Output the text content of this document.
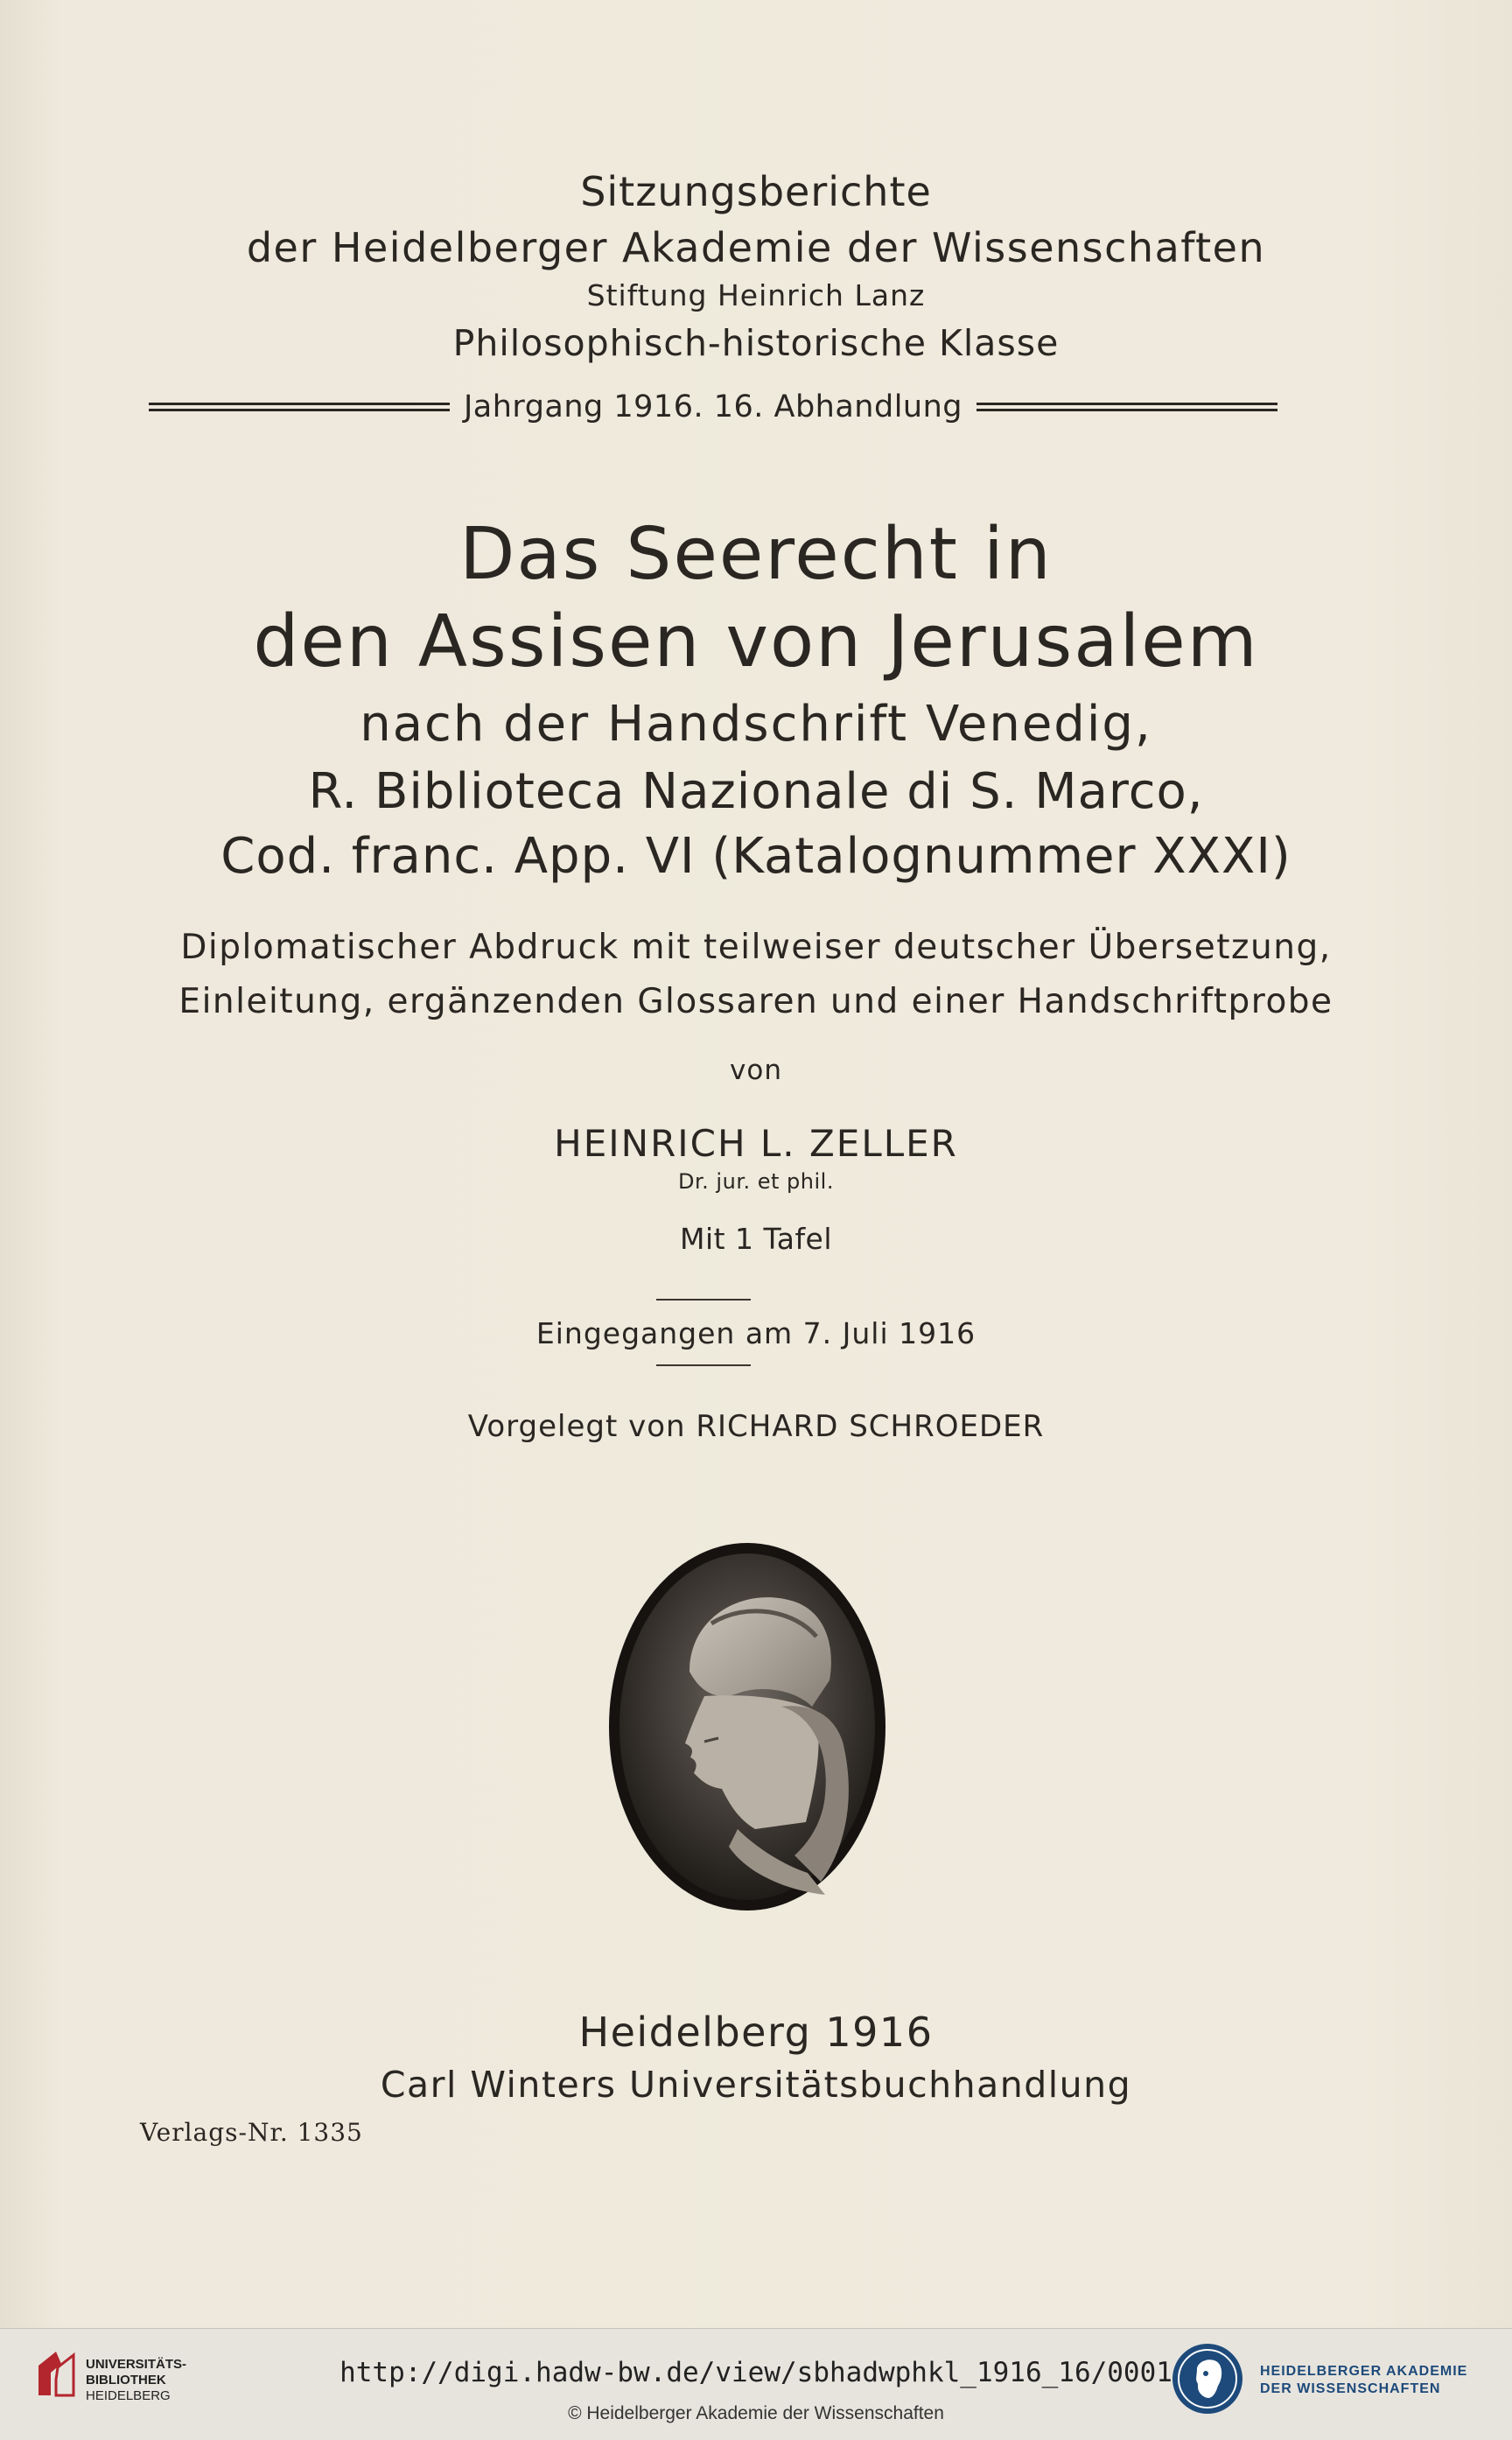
Sitzungsberichte
der Heidelberger Akademie der Wissenschaften
Stiftung Heinrich Lanz
Philosophisch-historische Klasse
Jahrgang 1916. 16. Abhandlung
Das Seerecht in
den Assisen von Jerusalem
nach der Handschrift Venedig,
R. Biblioteca Nazionale di S. Marco,
Cod. franc. App. VI (Katalognummer XXXI)
Diplomatischer Abdruck mit teilweiser deutscher Übersetzung,
Einleitung, ergänzenden Glossaren und einer Handschriftprobe
von
HEINRICH L. ZELLER
Dr. jur. et phil.
Mit 1 Tafel
Eingegangen am 7. Juli 1916
Vorgelegt von RICHARD SCHROEDER
Heidelberg 1916
Carl Winters Universitätsbuchhandlung
Verlags-Nr. 1335
UNIVERSITÄTS-
BIBLIOTHEK
HEIDELBERG
http://digi.hadw-bw.de/view/sbhadwphkl_1916_16/0001
© Heidelberger Akademie der Wissenschaften
HEIDELBERGER AKADEMIE
DER WISSENSCHAFTEN
